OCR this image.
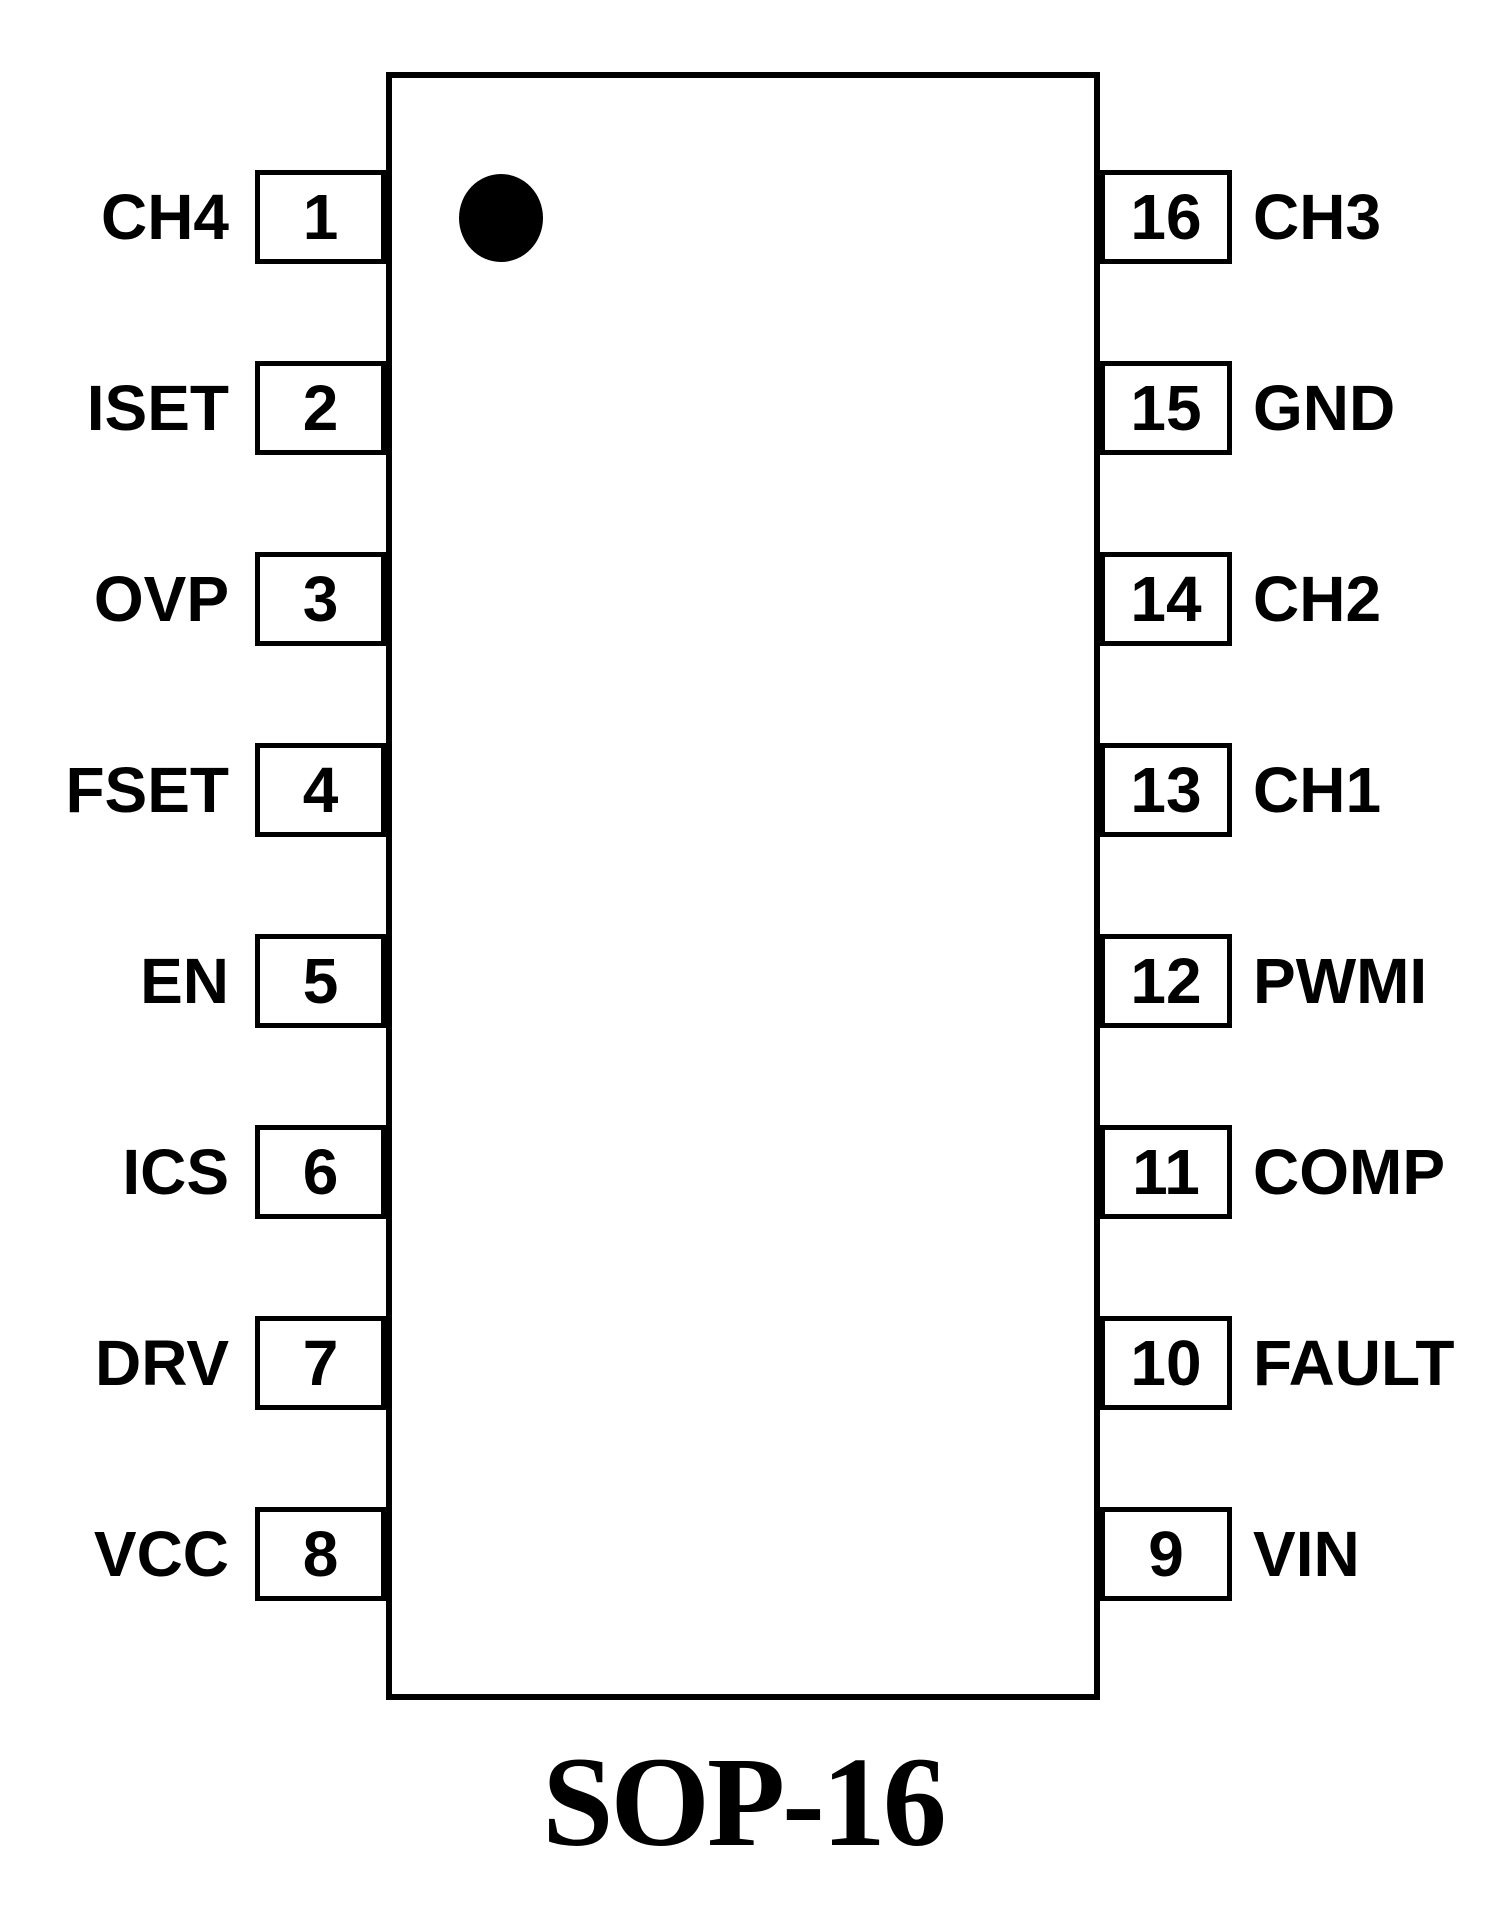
CH4	1
ISET	2
OVP	3
FSET	4
EN	5
ICS	6
DRV	7
VCC	8
16 CH3
15 GND
14 CH2
13 CH1
12 PWMI
11 COMP
10 FAULT
9	VIN
SOP-16
